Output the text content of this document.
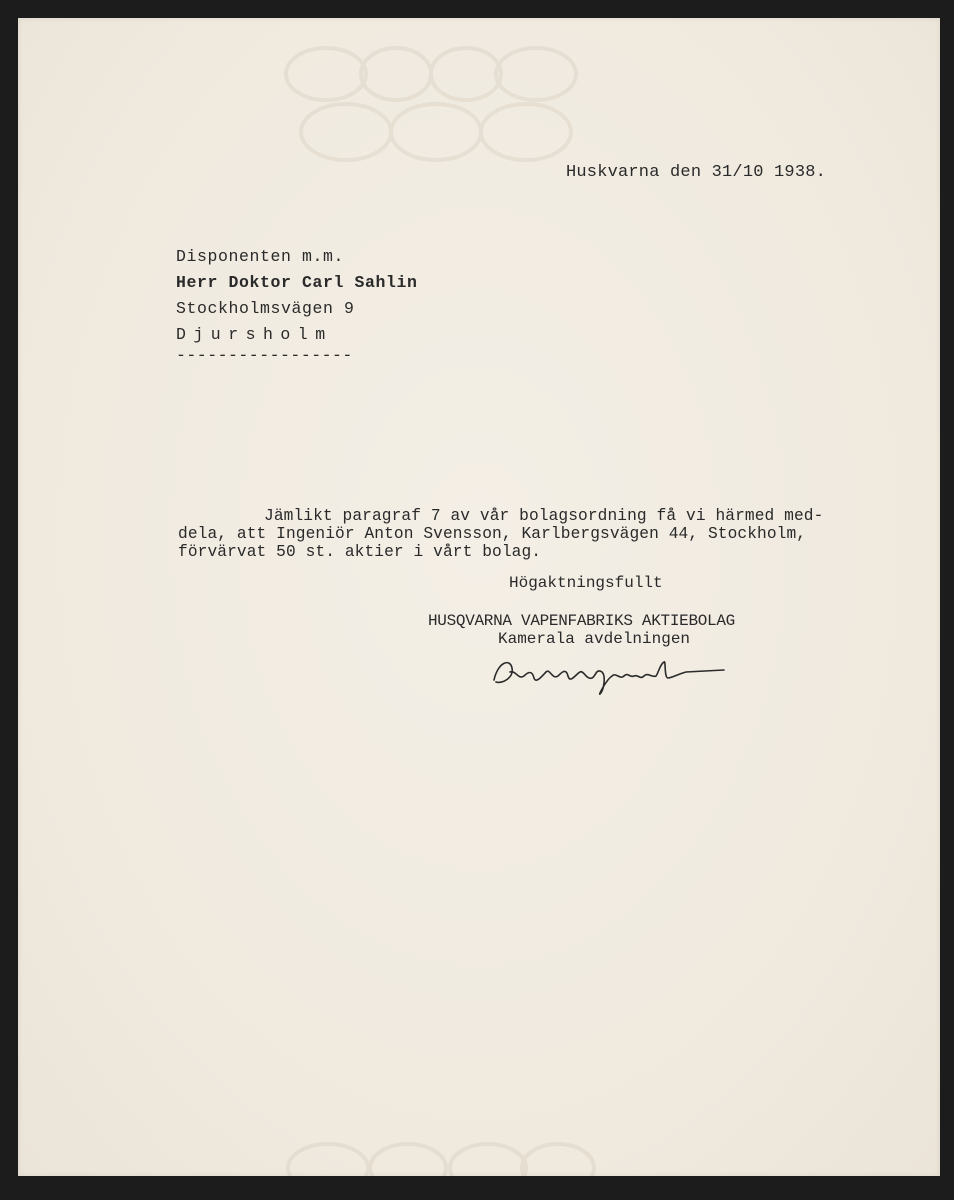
Huskvarna den 31/10 1938.
Disponenten m.m.
Herr Doktor Carl Sahlin
Stockholmsvägen 9
Djursholm
-----------------
Jämlikt paragraf 7 av vår bolagsordning få vi härmed med-
dela, att Ingeniör Anton Svensson, Karlbergsvägen 44, Stockholm,
förvärvat 50 st. aktier i vårt bolag.
Högaktningsfullt
HUSQVARNA VAPENFABRIKS AKTIEBOLAG
Kamerala avdelningen
